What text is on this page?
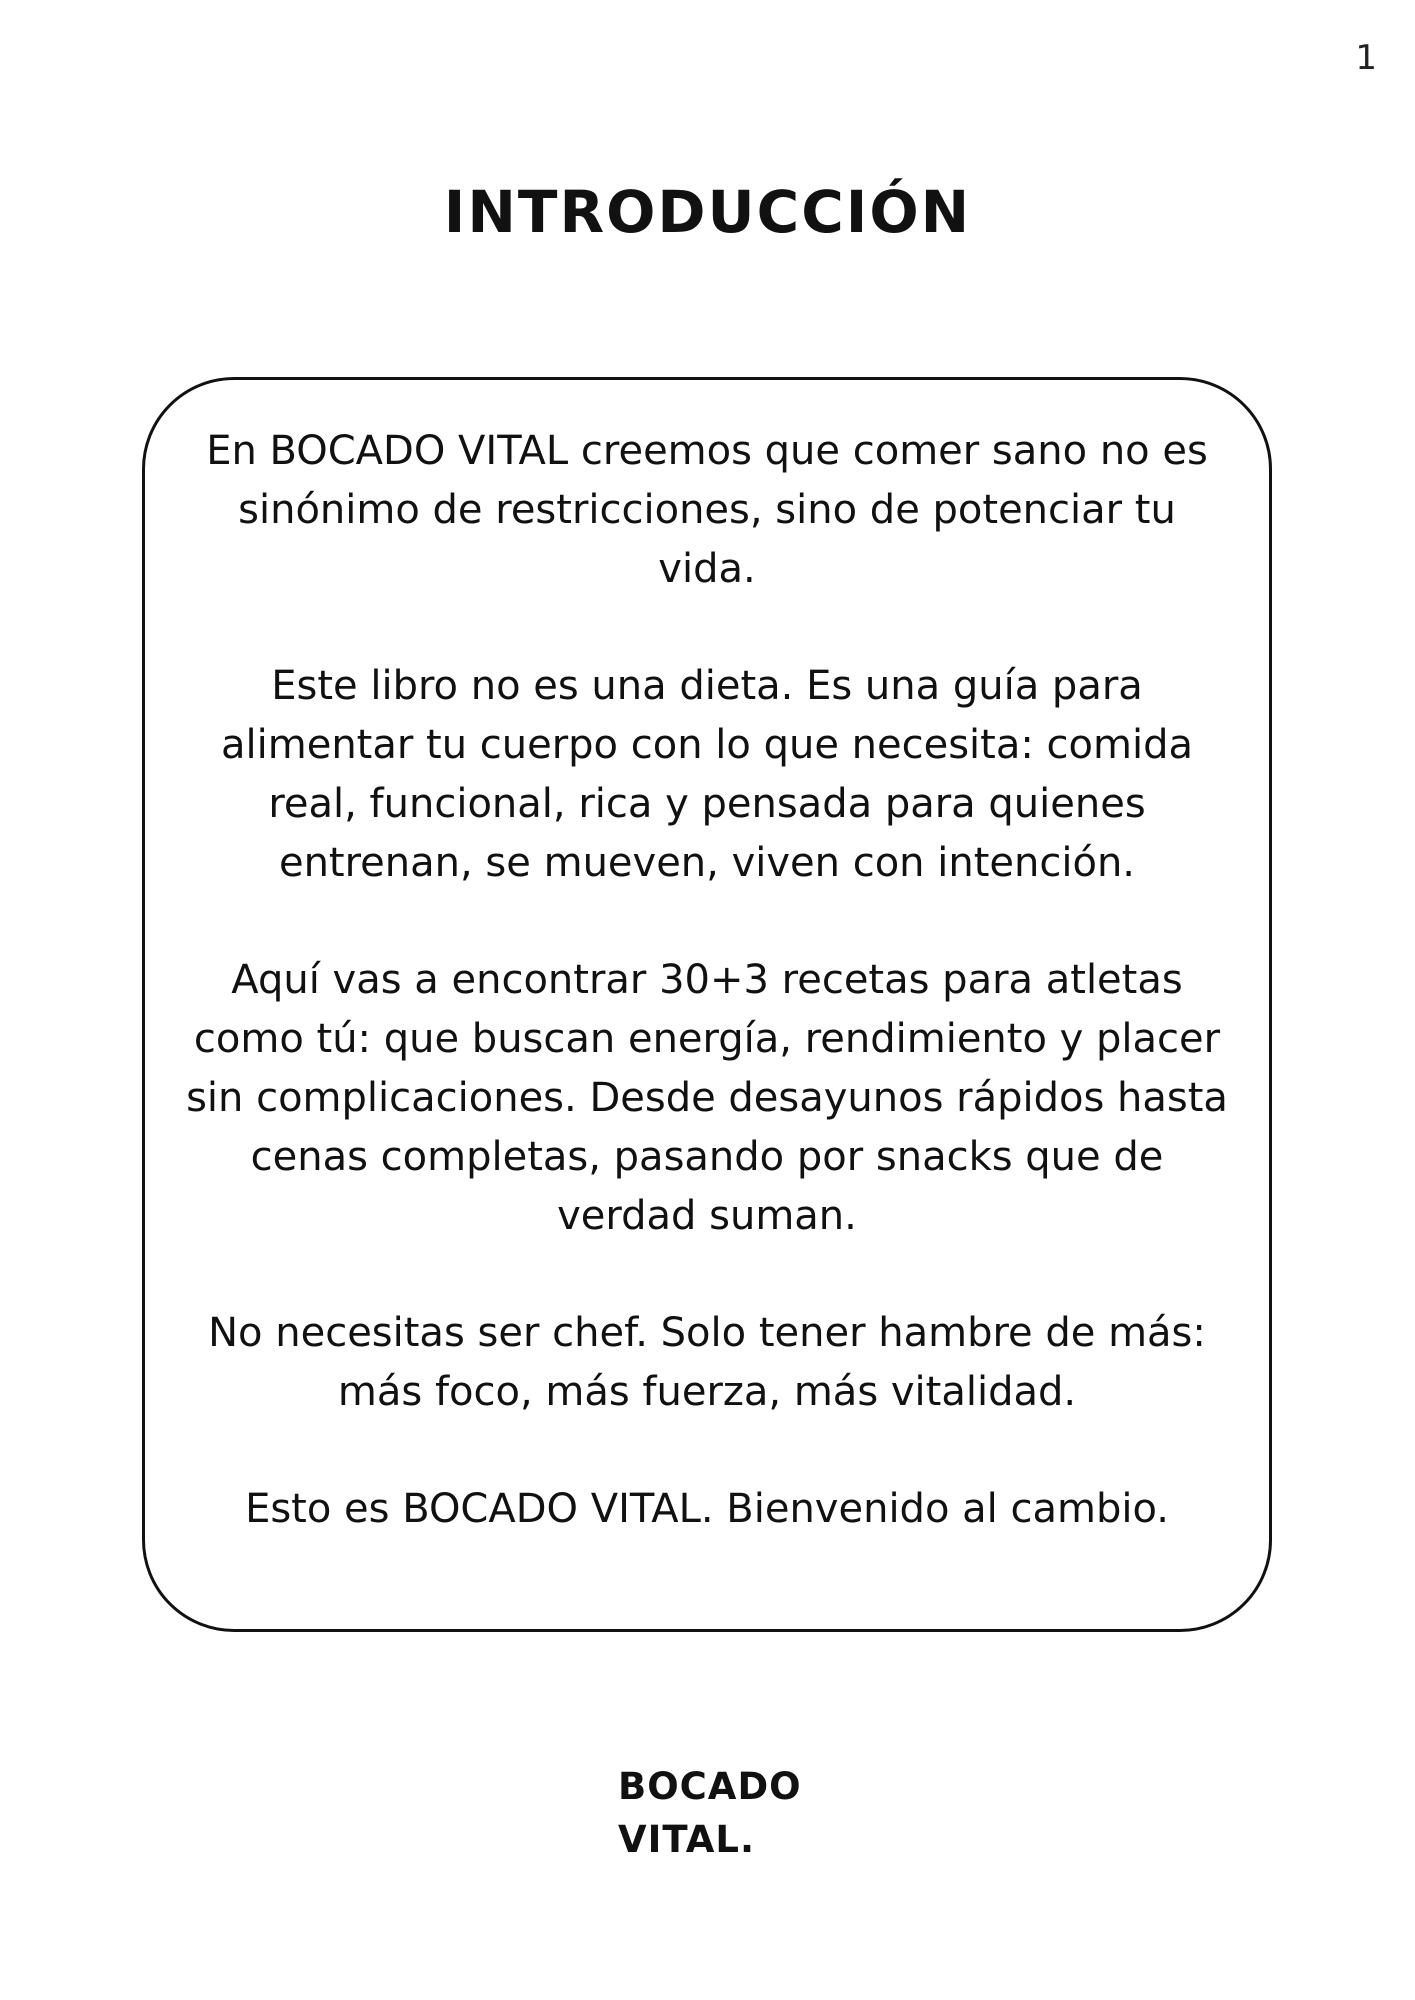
1
INTRODUCCIÓN

En BOCADO VITAL creemos que comer sano no es sinónimo de restricciones, sino de potenciar tu vida.

Este libro no es una dieta. Es una guía para alimentar tu cuerpo con lo que necesita: comida real, funcional, rica y pensada para quienes entrenan, se mueven, viven con intención.

Aquí vas a encontrar 30+3 recetas para atletas como tú: que buscan energía, rendimiento y placer sin complicaciones. Desde desayunos rápidos hasta cenas completas, pasando por snacks que de verdad suman.

No necesitas ser chef. Solo tener hambre de más: más foco, más fuerza, más vitalidad.

Esto es BOCADO VITAL. Bienvenido al cambio.

BOCADO
VITAL.
